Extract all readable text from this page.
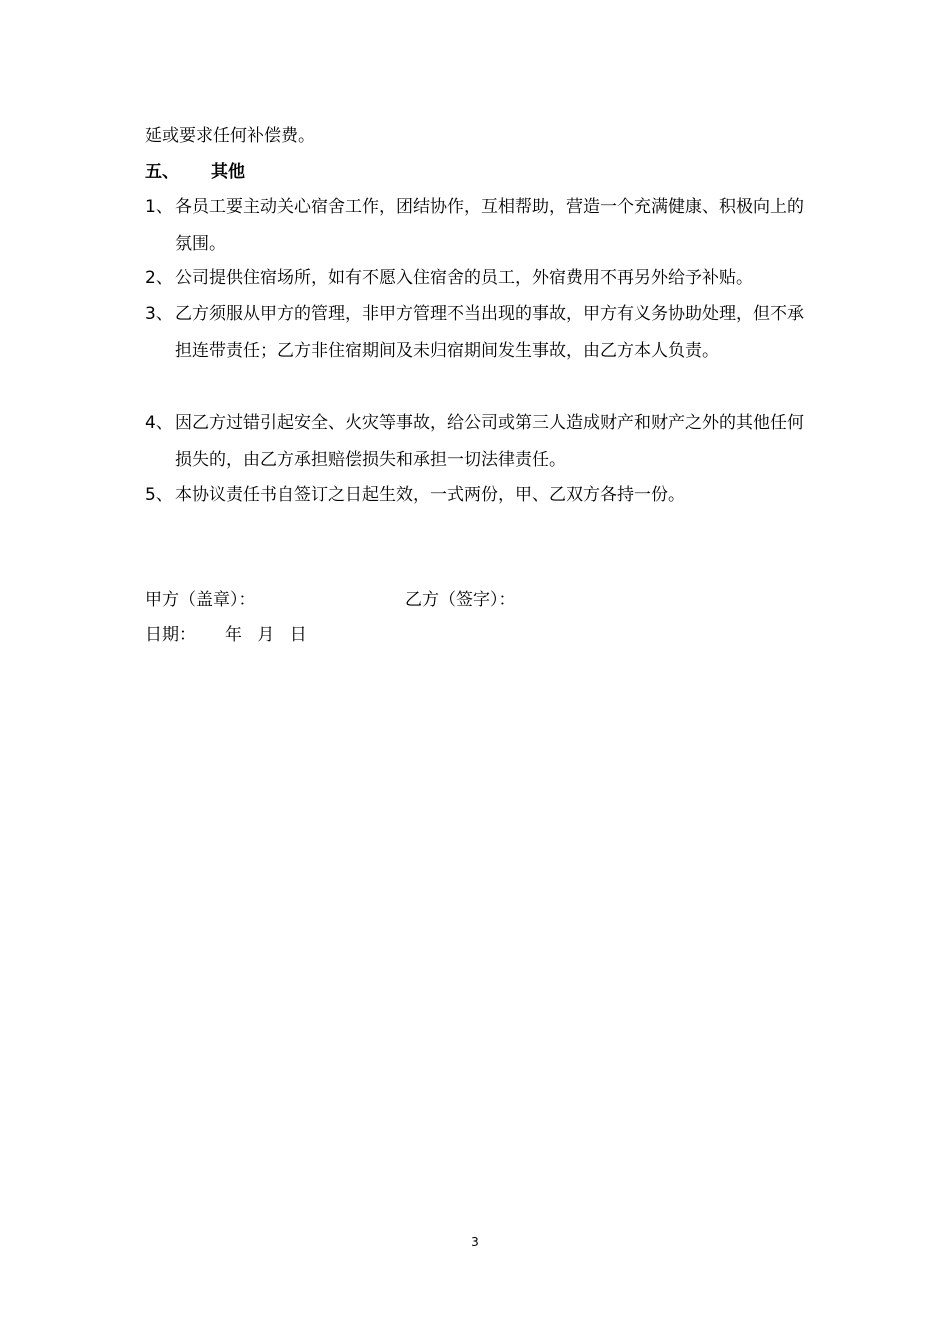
延或要求任何补偿费。
五、 其他
1、 各员工要主动关心宿舍工作，团结协作，互相帮助，营造一个充满健康、积极向上的氛围。
2、 公司提供住宿场所，如有不愿入住宿舍的员工，外宿费用不再另外给予补贴。
3、 乙方须服从甲方的管理，非甲方管理不当出现的事故，甲方有义务协助处理，但不承担连带责任；乙方非住宿期间及未归宿期间发生事故，由乙方本人负责。
4、 因乙方过错引起安全、火灾等事故，给公司或第三人造成财产和财产之外的其他任何损失的，由乙方承担赔偿损失和承担一切法律责任。
5、 本协议责任书自签订之日起生效，一式两份，甲、乙双方各持一份。
甲方（盖章）：	乙方（签字）：
日期： 年 月 日
3
